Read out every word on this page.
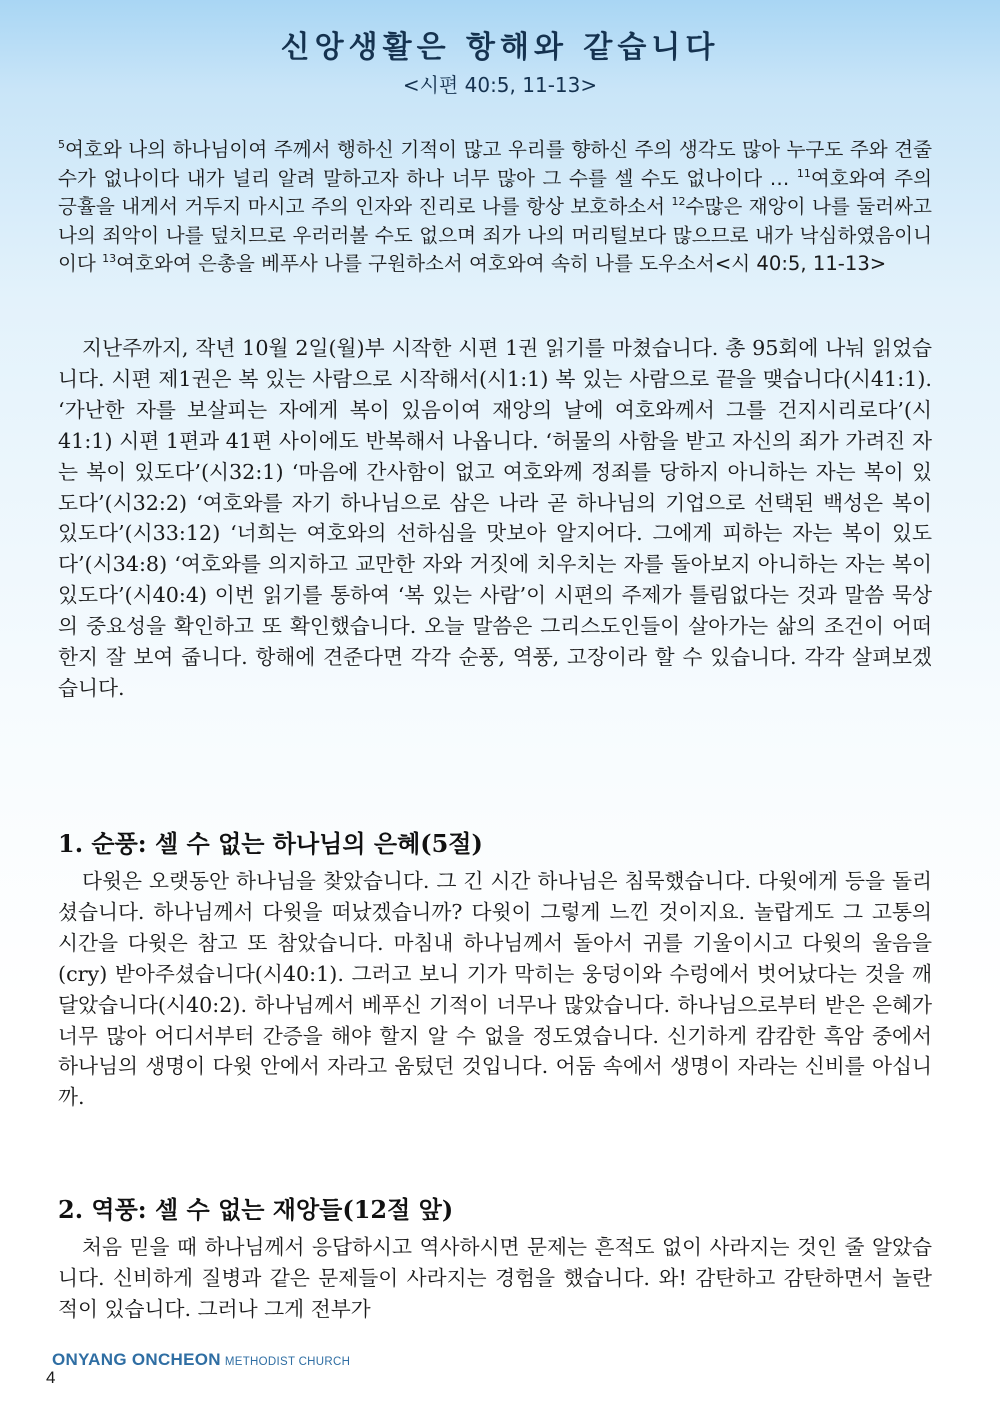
신앙생활은 항해와 같습니다
<시편 40:5, 11-13>
$^5$여호와 나의 하나님이여 주께서 행하신 기적이 많고 우리를 향하신 주의 생각도 많아 누구도 주와 견줄 수가 없나이다 내가 널리 알려 말하고자 하나 너무 많아 그 수를 셀 수도 없나이다 … $^{11}$여호와여 주의 긍휼을 내게서 거두지 마시고 주의 인자와 진리로 나를 항상 보호하소서 $^{12}$수많은 재앙이 나를 둘러싸고 나의 죄악이 나를 덮치므로 우러러볼 수도 없으며 죄가 나의 머리털보다 많으므로 내가 낙심하였음이니이다 $^{13}$여호와여 은총을 베푸사 나를 구원하소서 여호와여 속히 나를 도우소서<시 40:5, 11-13>

지난주까지, 작년 10월 2일(월)부 시작한 시편 1권 읽기를 마쳤습니다. 총 95회에 나눠 읽었습니다. 시편 제1권은 복 있는 사람으로 시작해서(시1:1) 복 있는 사람으로 끝을 맺습니다(시41:1). ‘가난한 자를 보살피는 자에게 복이 있음이여 재앙의 날에 여호와께서 그를 건지시리로다’(시41:1) 시편 1편과 41편 사이에도 반복해서 나옵니다. ‘허물의 사함을 받고 자신의 죄가 가려진 자는 복이 있도다’(시32:1) ‘마음에 간사함이 없고 여호와께 정죄를 당하지 아니하는 자는 복이 있도다’(시32:2) ‘여호와를 자기 하나님으로 삼은 나라 곧 하나님의 기업으로 선택된 백성은 복이 있도다’(시33:12) ‘너희는 여호와의 선하심을 맛보아 알지어다. 그에게 피하는 자는 복이 있도다’(시34:8) ‘여호와를 의지하고 교만한 자와 거짓에 치우치는 자를 돌아보지 아니하는 자는 복이 있도다’(시40:4) 이번 읽기를 통하여 ‘복 있는 사람’이 시편의 주제가 틀림없다는 것과 말씀 묵상의 중요성을 확인하고 또 확인했습니다. 오늘 말씀은 그리스도인들이 살아가는 삶의 조건이 어떠한지 잘 보여 줍니다. 항해에 견준다면 각각 순풍, 역풍, 고장이라 할 수 있습니다. 각각 살펴보겠습니다.

1. 순풍: 셀 수 없는 하나님의 은혜(5절)

다윗은 오랫동안 하나님을 찾았습니다. 그 긴 시간 하나님은 침묵했습니다. 다윗에게 등을 돌리셨습니다. 하나님께서 다윗을 떠났겠습니까? 다윗이 그렇게 느낀 것이지요. 놀랍게도 그 고통의 시간을 다윗은 참고 또 참았습니다. 마침내 하나님께서 돌아서 귀를 기울이시고 다윗의 울음을(cry) 받아주셨습니다(시40:1). 그러고 보니 기가 막히는 웅덩이와 수렁에서 벗어났다는 것을 깨달았습니다(시40:2). 하나님께서 베푸신 기적이 너무나 많았습니다. 하나님으로부터 받은 은혜가 너무 많아 어디서부터 간증을 해야 할지 알 수 없을 정도였습니다. 신기하게 캄캄한 흑암 중에서 하나님의 생명이 다윗 안에서 자라고 움텄던 것입니다. 어둠 속에서 생명이 자라는 신비를 아십니까.

2. 역풍: 셀 수 없는 재앙들(12절 앞)

처음 믿을 때 하나님께서 응답하시고 역사하시면 문제는 흔적도 없이 사라지는 것인 줄 알았습니다. 신비하게 질병과 같은 문제들이 사라지는 경험을 했습니다. 와! 감탄하고 감탄하면서 놀란 적이 있습니다. 그러나 그게 전부가

ONYANG ONCHEON METHODIST CHURCH
4
